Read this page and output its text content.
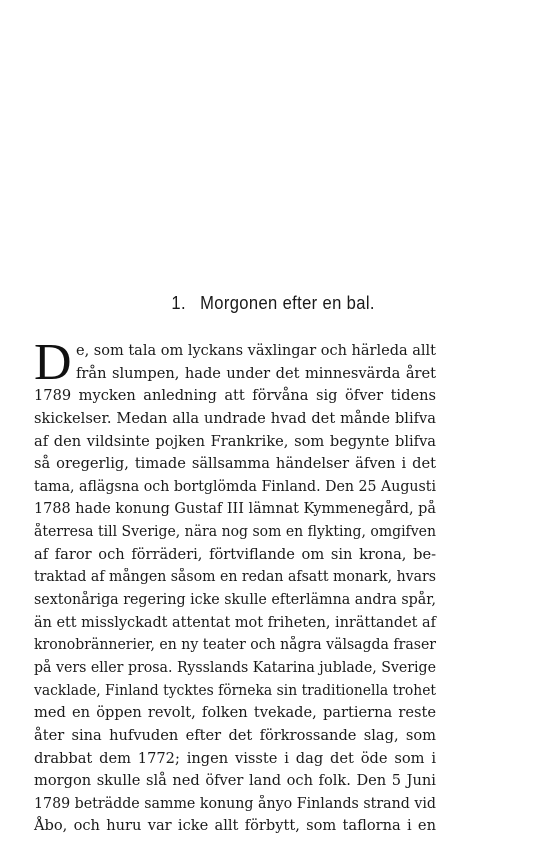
1. Morgonen efter en bal.
D e, som tala om lyckans växlingar och härleda allt
från slumpen, hade under det minnesvärda året
1789 mycken anledning att förvåna sig öfver tidens
skickelser. Medan alla undrade hvad det månde blifva
af den vildsinte pojken Frankrike, som begynte blifva
så oregerlig, timade sällsamma händelser äfven i det
tama, aflägsna och bortglömda Finland. Den 25 Augusti 1788 hade konung Gustaf III lämnat Kymmenegård, på återresa till Sverige, nära nog som en flykting, omgifven
af faror och förräderi, förtviflande om sin krona, be-
traktad af mången såsom en redan afsatt monark, hvars sextonåriga regering icke skulle efterlämna andra spår, än ett misslyckadt attentat mot friheten, inrättandet af kronobrännerier, en ny teater och några välsagda fraser på vers eller prosa. Rysslands Katarina jublade, Sverige vacklade, Finland tycktes förneka sin traditionella trohet
med en öppen revolt, folken tvekade, partierna reste
åter sina hufvuden efter det förkrossande slag, som
drabbat dem 1772; ingen visste i dag det öde som i
morgon skulle slå ned öfver land och folk. Den 5 Juni
1789 beträdde samme konung ånyo Finlands strand vid
Åbo, och huru var icke allt förbytt, som taflorna i en
